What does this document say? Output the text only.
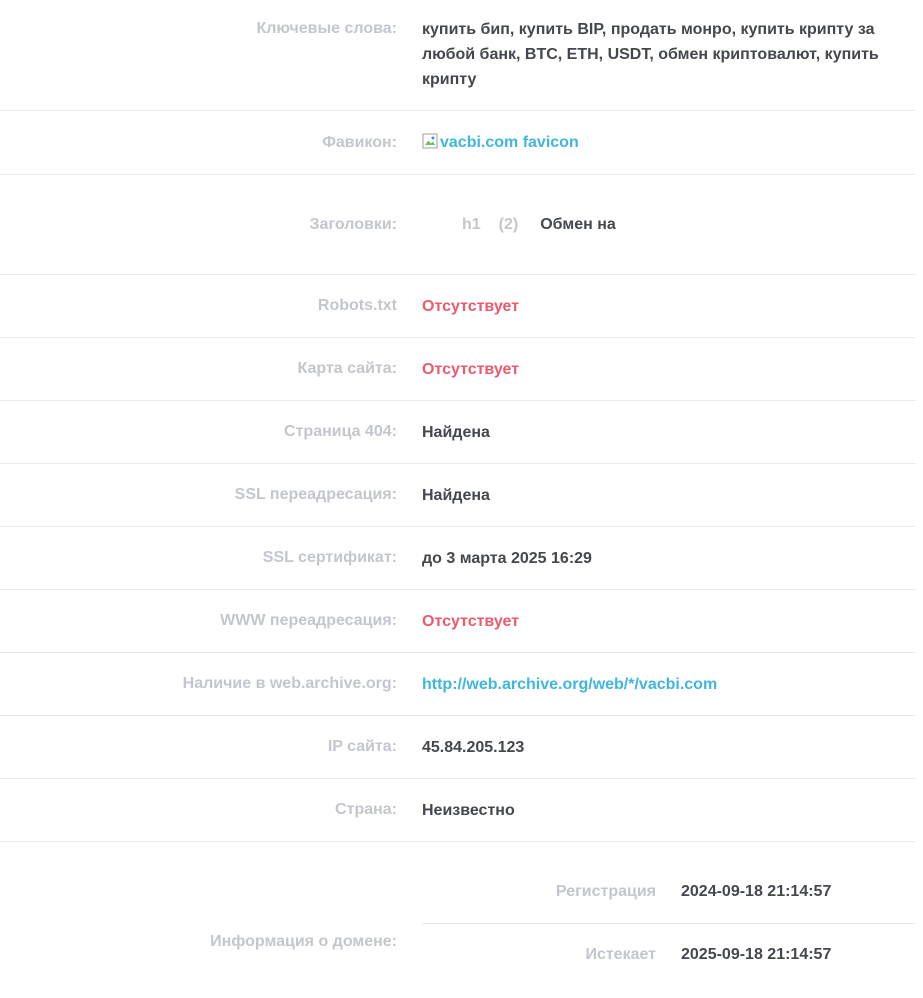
Ключевые слова: купить бип, купить BIP, продать монро, купить крипту за любой банк, BTC, ETH, USDT, обмен криптовалют, купить крипту
Фавикон:	vacbi.com favicon
Заголовки:	h1 (2) Обмен на
Robots.txt Отсутствует
Карта сайта: Отсутствует
Страница 404: Найдена
SSL переадресация: Найдена
SSL сертификат: до 3 марта 2025 16:29
WWW переадресация: Отсутствует
Наличие в web.archive.org: http://web.archive.org/web/*/vacbi.com
IP сайта: 45.84.205.123
Страна: Неизвестно
Информация о домене:
Регистрация 2024-09-18 21:14:57
Истекает 2025-09-18 21:14:57
